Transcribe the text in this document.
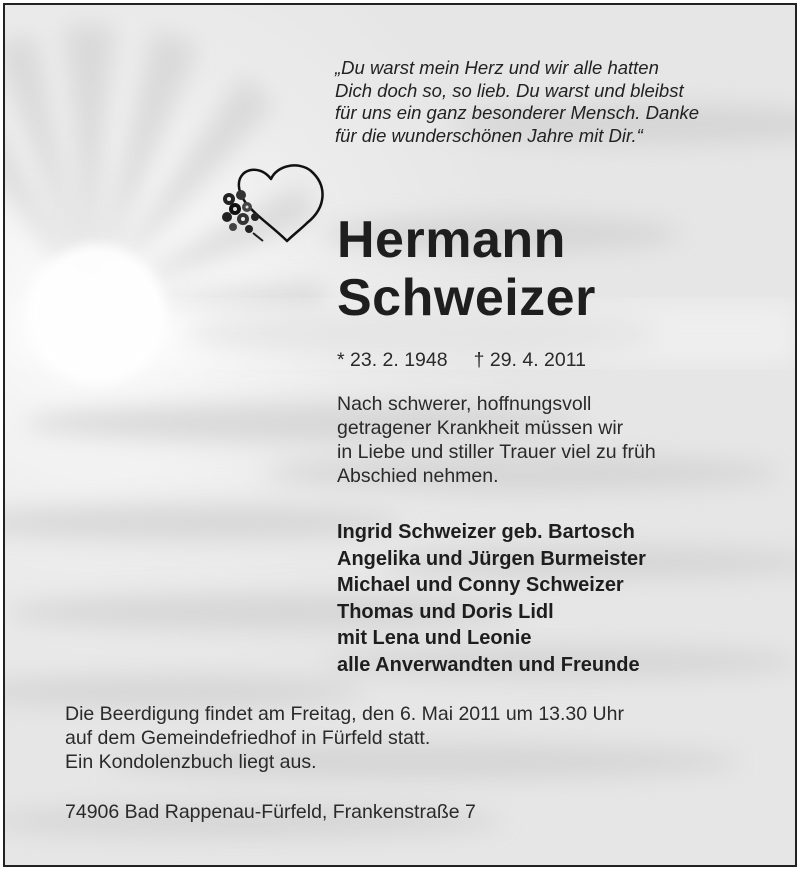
„Du warst mein Herz und wir alle hatten
Dich doch so, so lieb. Du warst und bleibst
für uns ein ganz besonderer Mensch. Danke
für die wunderschönen Jahre mit Dir.“
Hermann
Schweizer
* 23. 2. 1948 † 29. 4. 2011
Nach schwerer, hoffnungsvoll
getragener Krankheit müssen wir
in Liebe und stiller Trauer viel zu früh
Abschied nehmen.
Ingrid Schweizer geb. Bartosch
Angelika und Jürgen Burmeister
Michael und Conny Schweizer
Thomas und Doris Lidl
mit Lena und Leonie
alle Anverwandten und Freunde
Die Beerdigung findet am Freitag, den 6. Mai 2011 um 13.30 Uhr
auf dem Gemeindefriedhof in Fürfeld statt.
Ein Kondolenzbuch liegt aus.
74906 Bad Rappenau-Fürfeld, Frankenstraße 7
